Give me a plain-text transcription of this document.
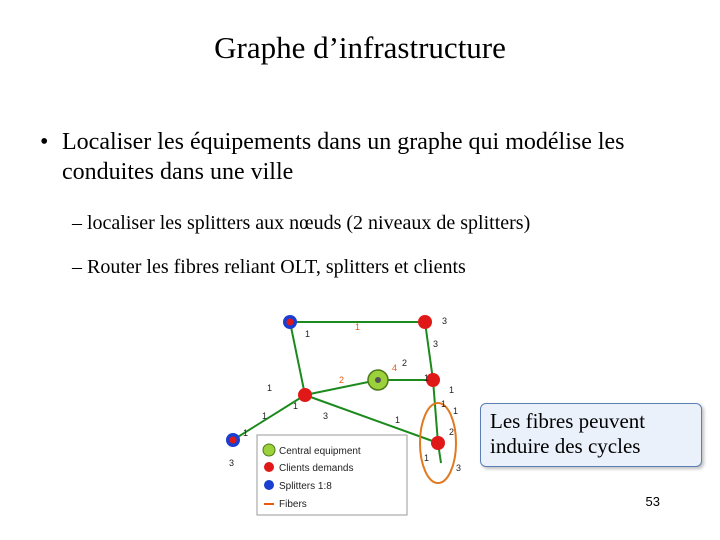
Graphe d’infrastructure
• Localiser les équipements dans un graphe qui modélise les conduites dans une ville
– localiser les splitters aux nœuds (2 niveaux de splitters)
– Router les fibres reliant OLT, splitters et clients
1
1
3
3
2
2
4
1
1
1
3	1
1
2
3	1
3
1
1
1
1
Central equipment
Clients demands
Splitters 1:8
Fibers
Les fibres peuvent induire des cycles
53
